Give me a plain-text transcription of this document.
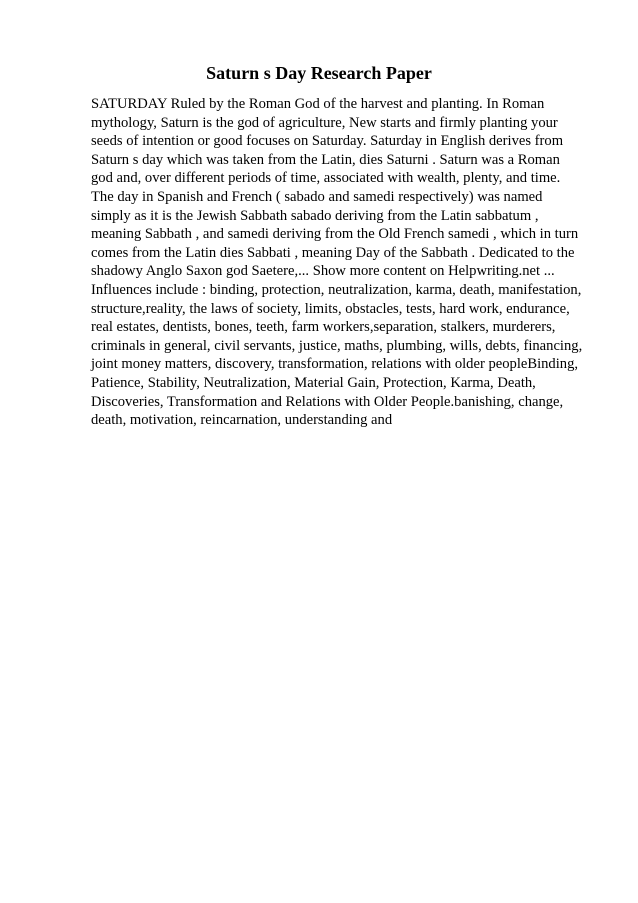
Saturn s Day Research Paper
SATURDAY Ruled by the Roman God of the harvest and planting. In Roman
mythology, Saturn is the god of agriculture, New starts and firmly planting your
seeds of intention or good focuses on Saturday. Saturday in English derives from
Saturn s day which was taken from the Latin, dies Saturni . Saturn was a Roman
god and, over different periods of time, associated with wealth, plenty, and time.
The day in Spanish and French ( sabado and samedi respectively) was named
simply as it is the Jewish Sabbath sabado deriving from the Latin sabbatum ,
meaning Sabbath , and samedi deriving from the Old French samedi , which in turn
comes from the Latin dies Sabbati , meaning Day of the Sabbath . Dedicated to the
shadowy Anglo Saxon god Saetere,... Show more content on Helpwriting.net ...
Influences include : binding, protection, neutralization, karma, death, manifestation,
structure,reality, the laws of society, limits, obstacles, tests, hard work, endurance,
real estates, dentists, bones, teeth, farm workers,separation, stalkers, murderers,
criminals in general, civil servants, justice, maths, plumbing, wills, debts, financing,
joint money matters, discovery, transformation, relations with older peopleBinding,
Patience, Stability, Neutralization, Material Gain, Protection, Karma, Death,
Discoveries, Transformation and Relations with Older People.banishing, change,
death, motivation, reincarnation, understanding and
